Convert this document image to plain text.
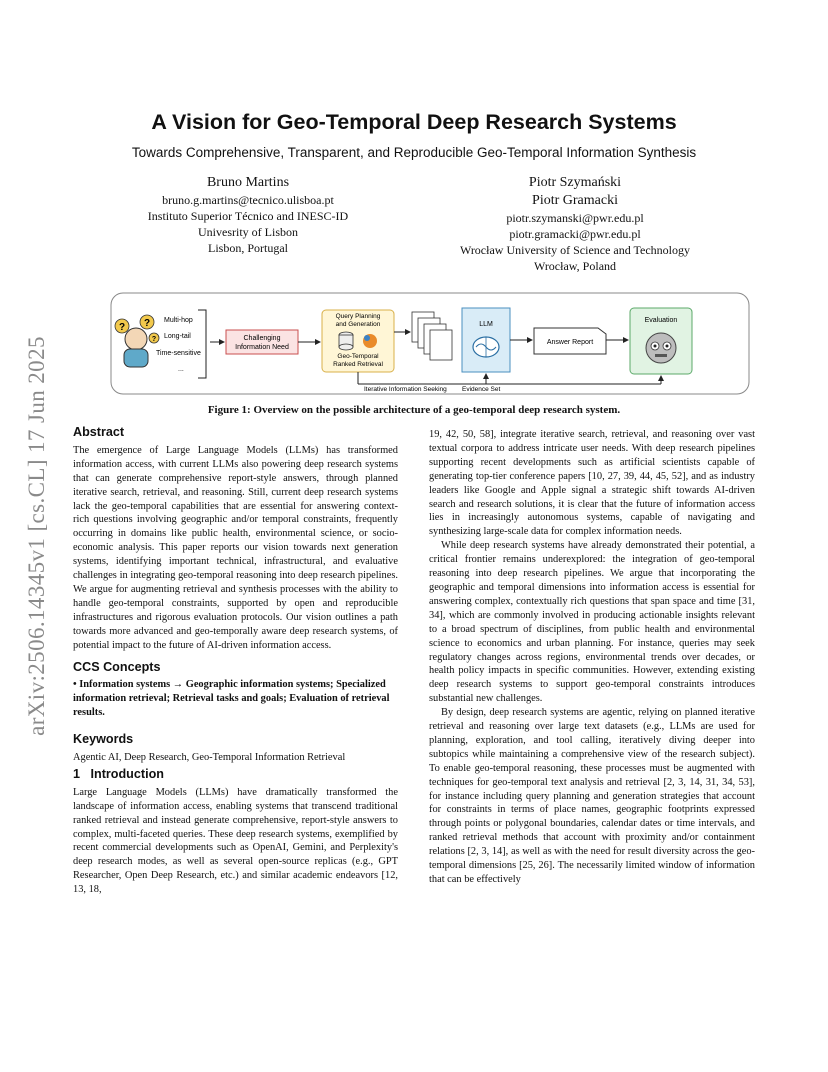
arXiv:2506.14345v1 [cs.CL] 17 Jun 2025
A Vision for Geo-Temporal Deep Research Systems
Towards Comprehensive, Transparent, and Reproducible Geo-Temporal Information Synthesis
Bruno Martins
bruno.g.martins@tecnico.ulisboa.pt
Instituto Superior Técnico and INESC-ID
Univesrity of Lisbon
Lisbon, Portugal
Piotr Szymański
Piotr Gramacki
piotr.szymanski@pwr.edu.pl
piotr.gramacki@pwr.edu.pl
Wrocław University of Science and Technology
Wrocław, Poland
? ?
?
Multi-hop
Long-tail
Time-sensitive
...
Challenging
Information Need
Query Planning
and Generation
Geo-Temporal
Ranked Retrieval
LLM
Answer Report
Evaluation
Iterative Information Seeking Evidence Set
Figure 1: Overview on the possible architecture of a geo-temporal deep research system.
Abstract

The emergence of Large Language Models (LLMs) has transformed information access, with current LLMs also powering deep research systems that can generate comprehensive report-style answers, through planned iterative search, retrieval, and reasoning. Still, current deep research systems lack the geo-temporal capabilities that are essential for answering context-rich questions involving geographic and/or temporal constraints, frequently occurring in domains like public health, environmental science, or socio-economic analysis. This paper reports our vision towards next generation systems, identifying important technical, infrastructural, and evaluative challenges in integrating geo-temporal reasoning into deep research pipelines. We argue for augmenting retrieval and synthesis processes with the ability to handle geo-temporal constraints, supported by open and reproducible infrastructures and rigorous evaluation protocols. Our vision outlines a path towards more advanced and geo-temporally aware deep research systems, of potential impact to the future of AI-driven information access.

CCS Concepts

• Information systems → Geographic information systems; Specialized information retrieval; Retrieval tasks and goals; Evaluation of retrieval results.

Keywords

Agentic AI, Deep Research, Geo-Temporal Information Retrieval

1   Introduction

Large Language Models (LLMs) have dramatically transformed the landscape of information access, enabling systems that transcend traditional ranked retrieval and instead generate comprehensive, report-style answers to complex, multi-faceted queries. These deep research systems, exemplified by recent commercial developments such as OpenAI, Gemini, and Perplexity's deep research modes, as well as several open-source replicas (e.g., GPT Researcher, Open Deep Research, etc.) and similar academic endeavors [12, 13, 18,

19, 42, 50, 58], integrate iterative search, retrieval, and reasoning over vast textual corpora to address intricate user needs. With deep research pipelines supporting recent developments such as artificial scientists capable of generating top-tier conference papers [10, 27, 39, 44, 45, 52], and as industry leaders like Google and Apple signal a strategic shift towards AI-driven search and research solutions, it is clear that the future of information access lies in increasingly autonomous systems, capable of navigating and synthesizing large-scale data for complex information needs.

While deep research systems have already demonstrated their potential, a critical frontier remains underexplored: the integration of geo-temporal reasoning into deep research pipelines. We argue that incorporating the geographic and temporal dimensions into information access is essential for answering complex, contextually rich questions that span space and time [31, 34], which are commonly involved in producing actionable insights relevant to a broad spectrum of disciplines, from public health and environmental science to economics and urban planning. For instance, queries may seek regulatory changes across regions, environmental trends over decades, or health policy impacts in specific communities. However, extending existing deep research systems to support geo-temporal constraints introduces substantial new challenges.

By design, deep research systems are agentic, relying on planned iterative retrieval and reasoning over large text datasets (e.g., LLMs are used for planning, exploration, and tool calling, iteratively diving deeper into subtopics while maintaining a comprehensive view of the research subject). To enable geo-temporal reasoning, these processes must be augmented with techniques for geo-temporal text analysis and retrieval [2, 3, 14, 31, 34, 53], for instance including query planning and generation strategies that account for constraints in terms of place names, geographic footprints expressed through points or polygonal boundaries, calendar dates or time intervals, and ranked retrieval methods that account with proximity and/or containment relations [2, 3, 14], as well as with the need for result diversity across the geo-temporal dimensions [25, 26]. The necessarily limited window of information that can be effectively
